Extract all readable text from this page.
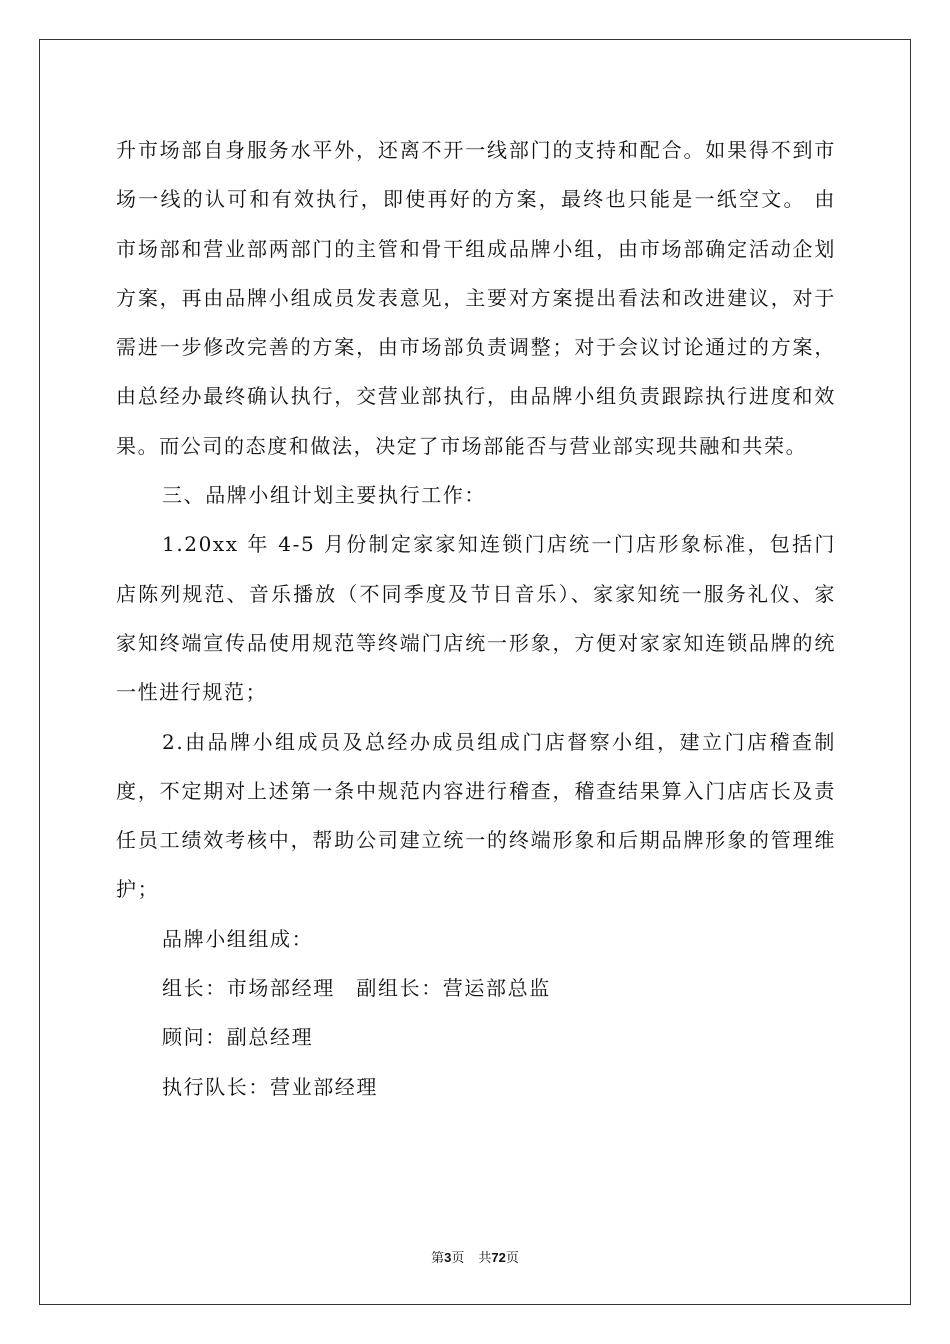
升市场部自身服务水平外，还离不开一线部门的支持和配合。如果得不到市场一线的认可和有效执行，即使再好的方案，最终也只能是一纸空文。 由市场部和营业部两部门的主管和骨干组成品牌小组，由市场部确定活动企划方案，再由品牌小组成员发表意见，主要对方案提出看法和改进建议，对于需进一步修改完善的方案，由市场部负责调整；对于会议讨论通过的方案，由总经办最终确认执行，交营业部执行，由品牌小组负责跟踪执行进度和效果。而公司的态度和做法，决定了市场部能否与营业部实现共融和共荣。

三、品牌小组计划主要执行工作：

1.20xx 年 4-5 月份制定家家知连锁门店统一门店形象标准，包括门店陈列规范、音乐播放（不同季度及节日音乐）、家家知统一服务礼仪、家家知终端宣传品使用规范等终端门店统一形象，方便对家家知连锁品牌的统一性进行规范；

2.由品牌小组成员及总经办成员组成门店督察小组，建立门店稽查制度，不定期对上述第一条中规范内容进行稽查，稽查结果算入门店店长及责任员工绩效考核中，帮助公司建立统一的终端形象和后期品牌形象的管理维护；

品牌小组组成：

组长：市场部经理　副组长：营运部总监

顾问：副总经理

执行队长：营业部经理

第3页 共72页
